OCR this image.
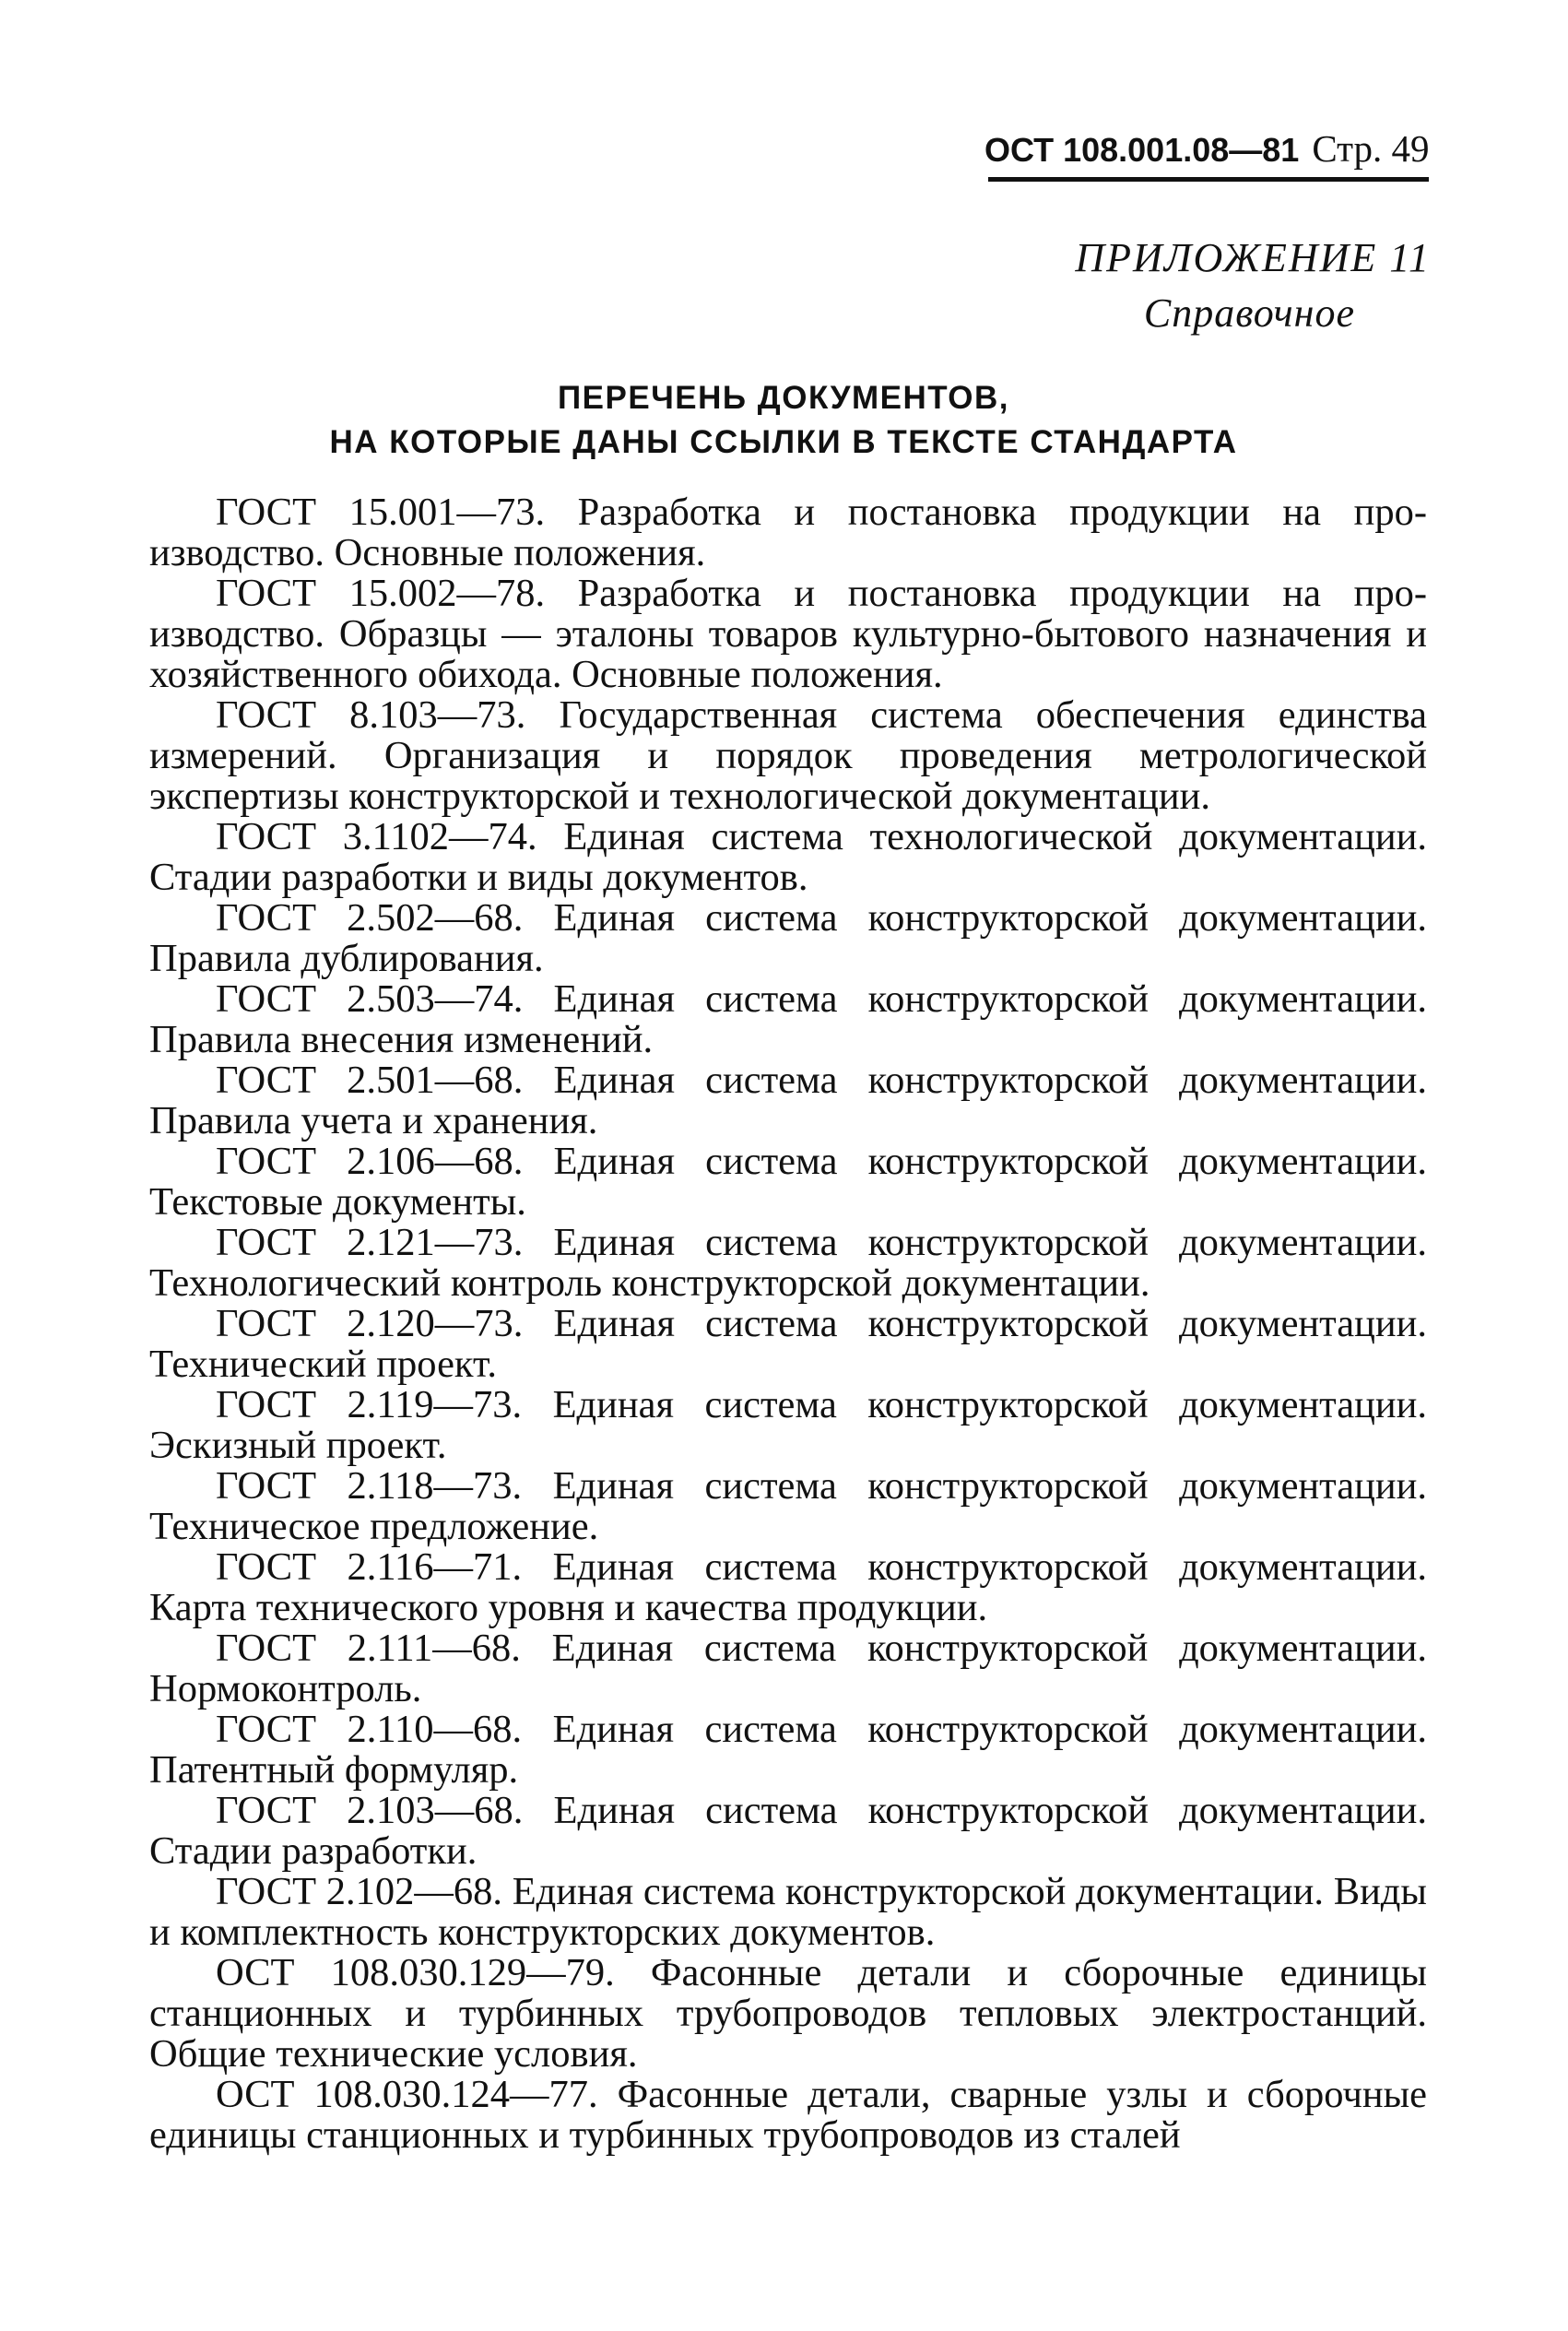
ОСТ 108.001.08—81 Стр. 49
ПРИЛОЖЕНИЕ 11
Справочное
ПЕРЕЧЕНЬ ДОКУМЕНТОВ,
НА КОТОРЫЕ ДАНЫ ССЫЛКИ В ТЕКСТЕ СТАНДАРТА

ГОСТ 15.001—73. Разработка и постановка продукции на производство. Основные положения.

ГОСТ 15.002—78. Разработка и постановка продукции на производство. Образцы — эталоны товаров культурно-бытового назначения и хозяйственного обихода. Основные положения.

ГОСТ 8.103—73. Государственная система обеспечения единства измерений. Организация и порядок проведения метрологической экспертизы конструкторской и технологической документации.

ГОСТ 3.1102—74. Единая система технологической документации. Стадии разработки и виды документов.

ГОСТ 2.502—68. Единая система конструкторской документации. Правила дублирования.

ГОСТ 2.503—74. Единая система конструкторской документации. Правила внесения изменений.

ГОСТ 2.501—68. Единая система конструкторской документации. Правила учета и хранения.

ГОСТ 2.106—68. Единая система конструкторской документации. Текстовые документы.

ГОСТ 2.121—73. Единая система конструкторской документации. Технологический контроль конструкторской документации.

ГОСТ 2.120—73. Единая система конструкторской документации. Технический проект.

ГОСТ 2.119—73. Единая система конструкторской документации. Эскизный проект.

ГОСТ 2.118—73. Единая система конструкторской документации. Техническое предложение.

ГОСТ 2.116—71. Единая система конструкторской документации. Карта технического уровня и качества продукции.

ГОСТ 2.111—68. Единая система конструкторской документации. Нормоконтроль.

ГОСТ 2.110—68. Единая система конструкторской документации. Патентный формуляр.

ГОСТ 2.103—68. Единая система конструкторской документации. Стадии разработки.

ГОСТ 2.102—68. Единая система конструкторской документации. Виды и комплектность конструкторских документов.

ОСТ 108.030.129—79. Фасонные детали и сборочные единицы станционных и турбинных трубопроводов тепловых электростанций. Общие технические условия.

ОСТ 108.030.124—77. Фасонные детали, сварные узлы и сборочные единицы станционных и турбинных трубопроводов из сталей
